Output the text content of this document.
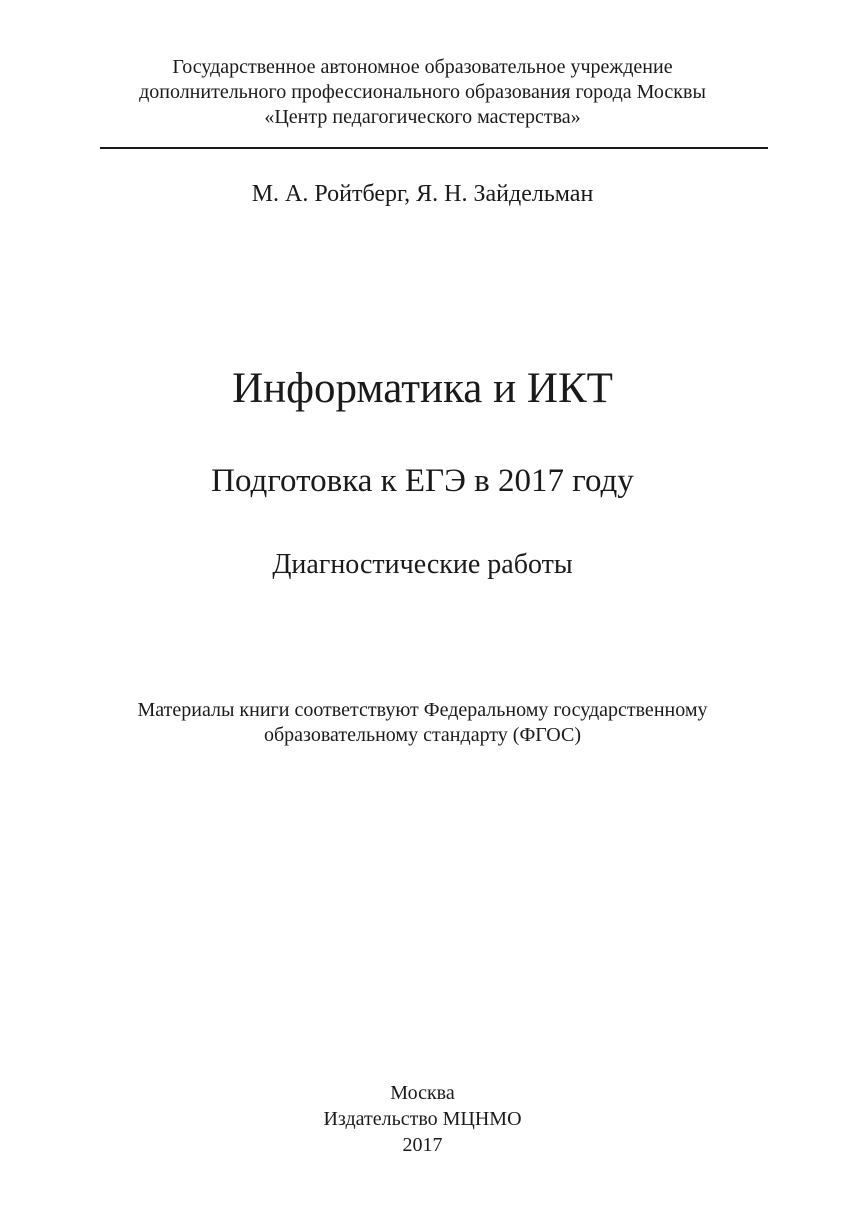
Государственное автономное образовательное учреждение
дополнительного профессионального образования города Москвы
«Центр педагогического мастерства»
М. А. Ройтберг, Я. Н. Зайдельман
Информатика и ИКТ
Подготовка к ЕГЭ в 2017 году
Диагностические работы
Материалы книги соответствуют Федеральному государственному
образовательному стандарту (ФГОС)
Москва
Издательство МЦНМО
2017
